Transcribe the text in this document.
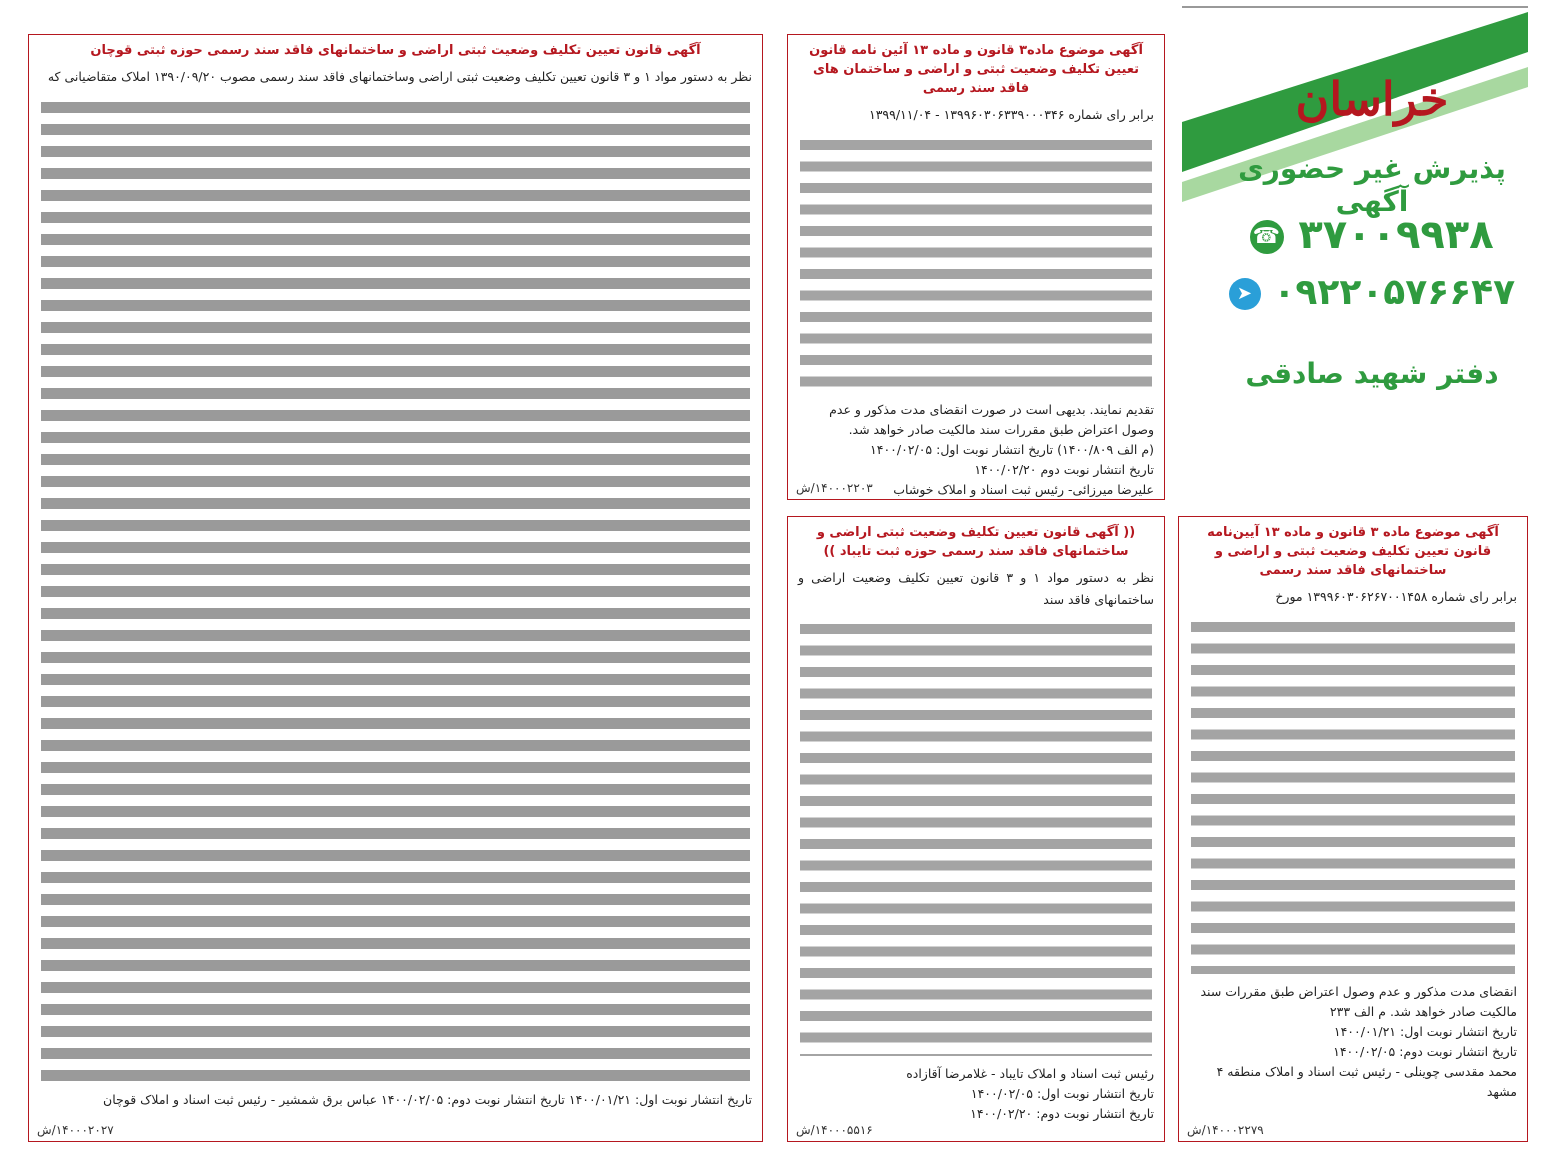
آگهی قانون تعیین تکلیف وضعیت ثبتی اراضی و ساختمانهای فاقد سند رسمی حوزه ثبتی قوچان
نظر به دستور مواد ۱ و ۳ قانون تعیین تکلیف وضعیت ثبتی اراضی وساختمانهای فاقد سند رسمی مصوب ۱۳۹۰/۰۹/۲۰ املاک متقاضیانی که
تاریخ انتشار نوبت اول: ۱۴۰۰/۰۱/۲۱ تاریخ انتشار نوبت دوم: ۱۴۰۰/۰۲/۰۵ عباس برق شمشیر - رئیس ثبت اسناد و املاک قوچان
۱۴۰۰۰۲۰۲۷/ش
آگهی موضوع ماده۳ قانون و ماده ۱۳ آئین نامه قانون تعیین تکلیف وضعیت ثبتی و اراضی و ساختمان های فاقد سند رسمی
برابر رای شماره ۱۳۹۹۶۰۳۰۶۳۳۹۰۰۰۳۴۶ - ۱۳۹۹/۱۱/۰۴
تقدیم نمایند. بدیهی است در صورت انقضای مدت مذکور و عدم وصول اعتراض طبق مقررات سند مالکیت صادر خواهد شد.
(م الف ۱۴۰۰/۸۰۹) تاریخ انتشار نوبت اول: ۱۴۰۰/۰۲/۰۵
تاریخ انتشار نوبت دوم ۱۴۰۰/۰۲/۲۰
علیرضا میرزائی- رئیس ثبت اسناد و املاک خوشاب
۱۴۰۰۰۲۲۰۳/ش
(( آگهی قانون تعیین تکلیف وضعیت ثبتی اراضی و ساختمانهای فاقد سند رسمی حوزه ثبت تایباد ))
نظر به دستور مواد ۱ و ۳ قانون تعیین تکلیف وضعیت اراضی و ساختمانهای فاقد سند
رئیس ثبت اسناد و املاک تایباد - غلامرضا آقازاده
تاریخ انتشار نوبت اول: ۱۴۰۰/۰۲/۰۵
تاریخ انتشار نوبت دوم: ۱۴۰۰/۰۲/۲۰
۱۴۰۰۰۵۵۱۶/ش
خراسان
پذیرش غیر حضوری آگهی
۳۷۰۰۹۹۳۸ ☎
۰۹۲۲۰۵۷۶۶۴۷ ➤
دفتر شهید صادقی
آگهی موضوع ماده ۳ قانون و ماده ۱۳ آیین‌نامه قانون تعیین تکلیف وضعیت ثبتی و اراضی و ساختمانهای فاقد سند رسمی
برابر رای شماره ۱۳۹۹۶۰۳۰۶۲۶۷۰۰۱۴۵۸ مورخ
انقضای مدت مذکور و عدم وصول اعتراض طبق مقررات سند مالکیت صادر خواهد شد. م الف ۲۳۳
تاریخ انتشار نوبت اول: ۱۴۰۰/۰۱/۲۱
تاریخ انتشار نوبت دوم: ۱۴۰۰/۰۲/۰۵
محمد مقدسی چوینلی - رئیس ثبت اسناد و املاک منطقه ۴ مشهد
۱۴۰۰۰۲۲۷۹/ش
